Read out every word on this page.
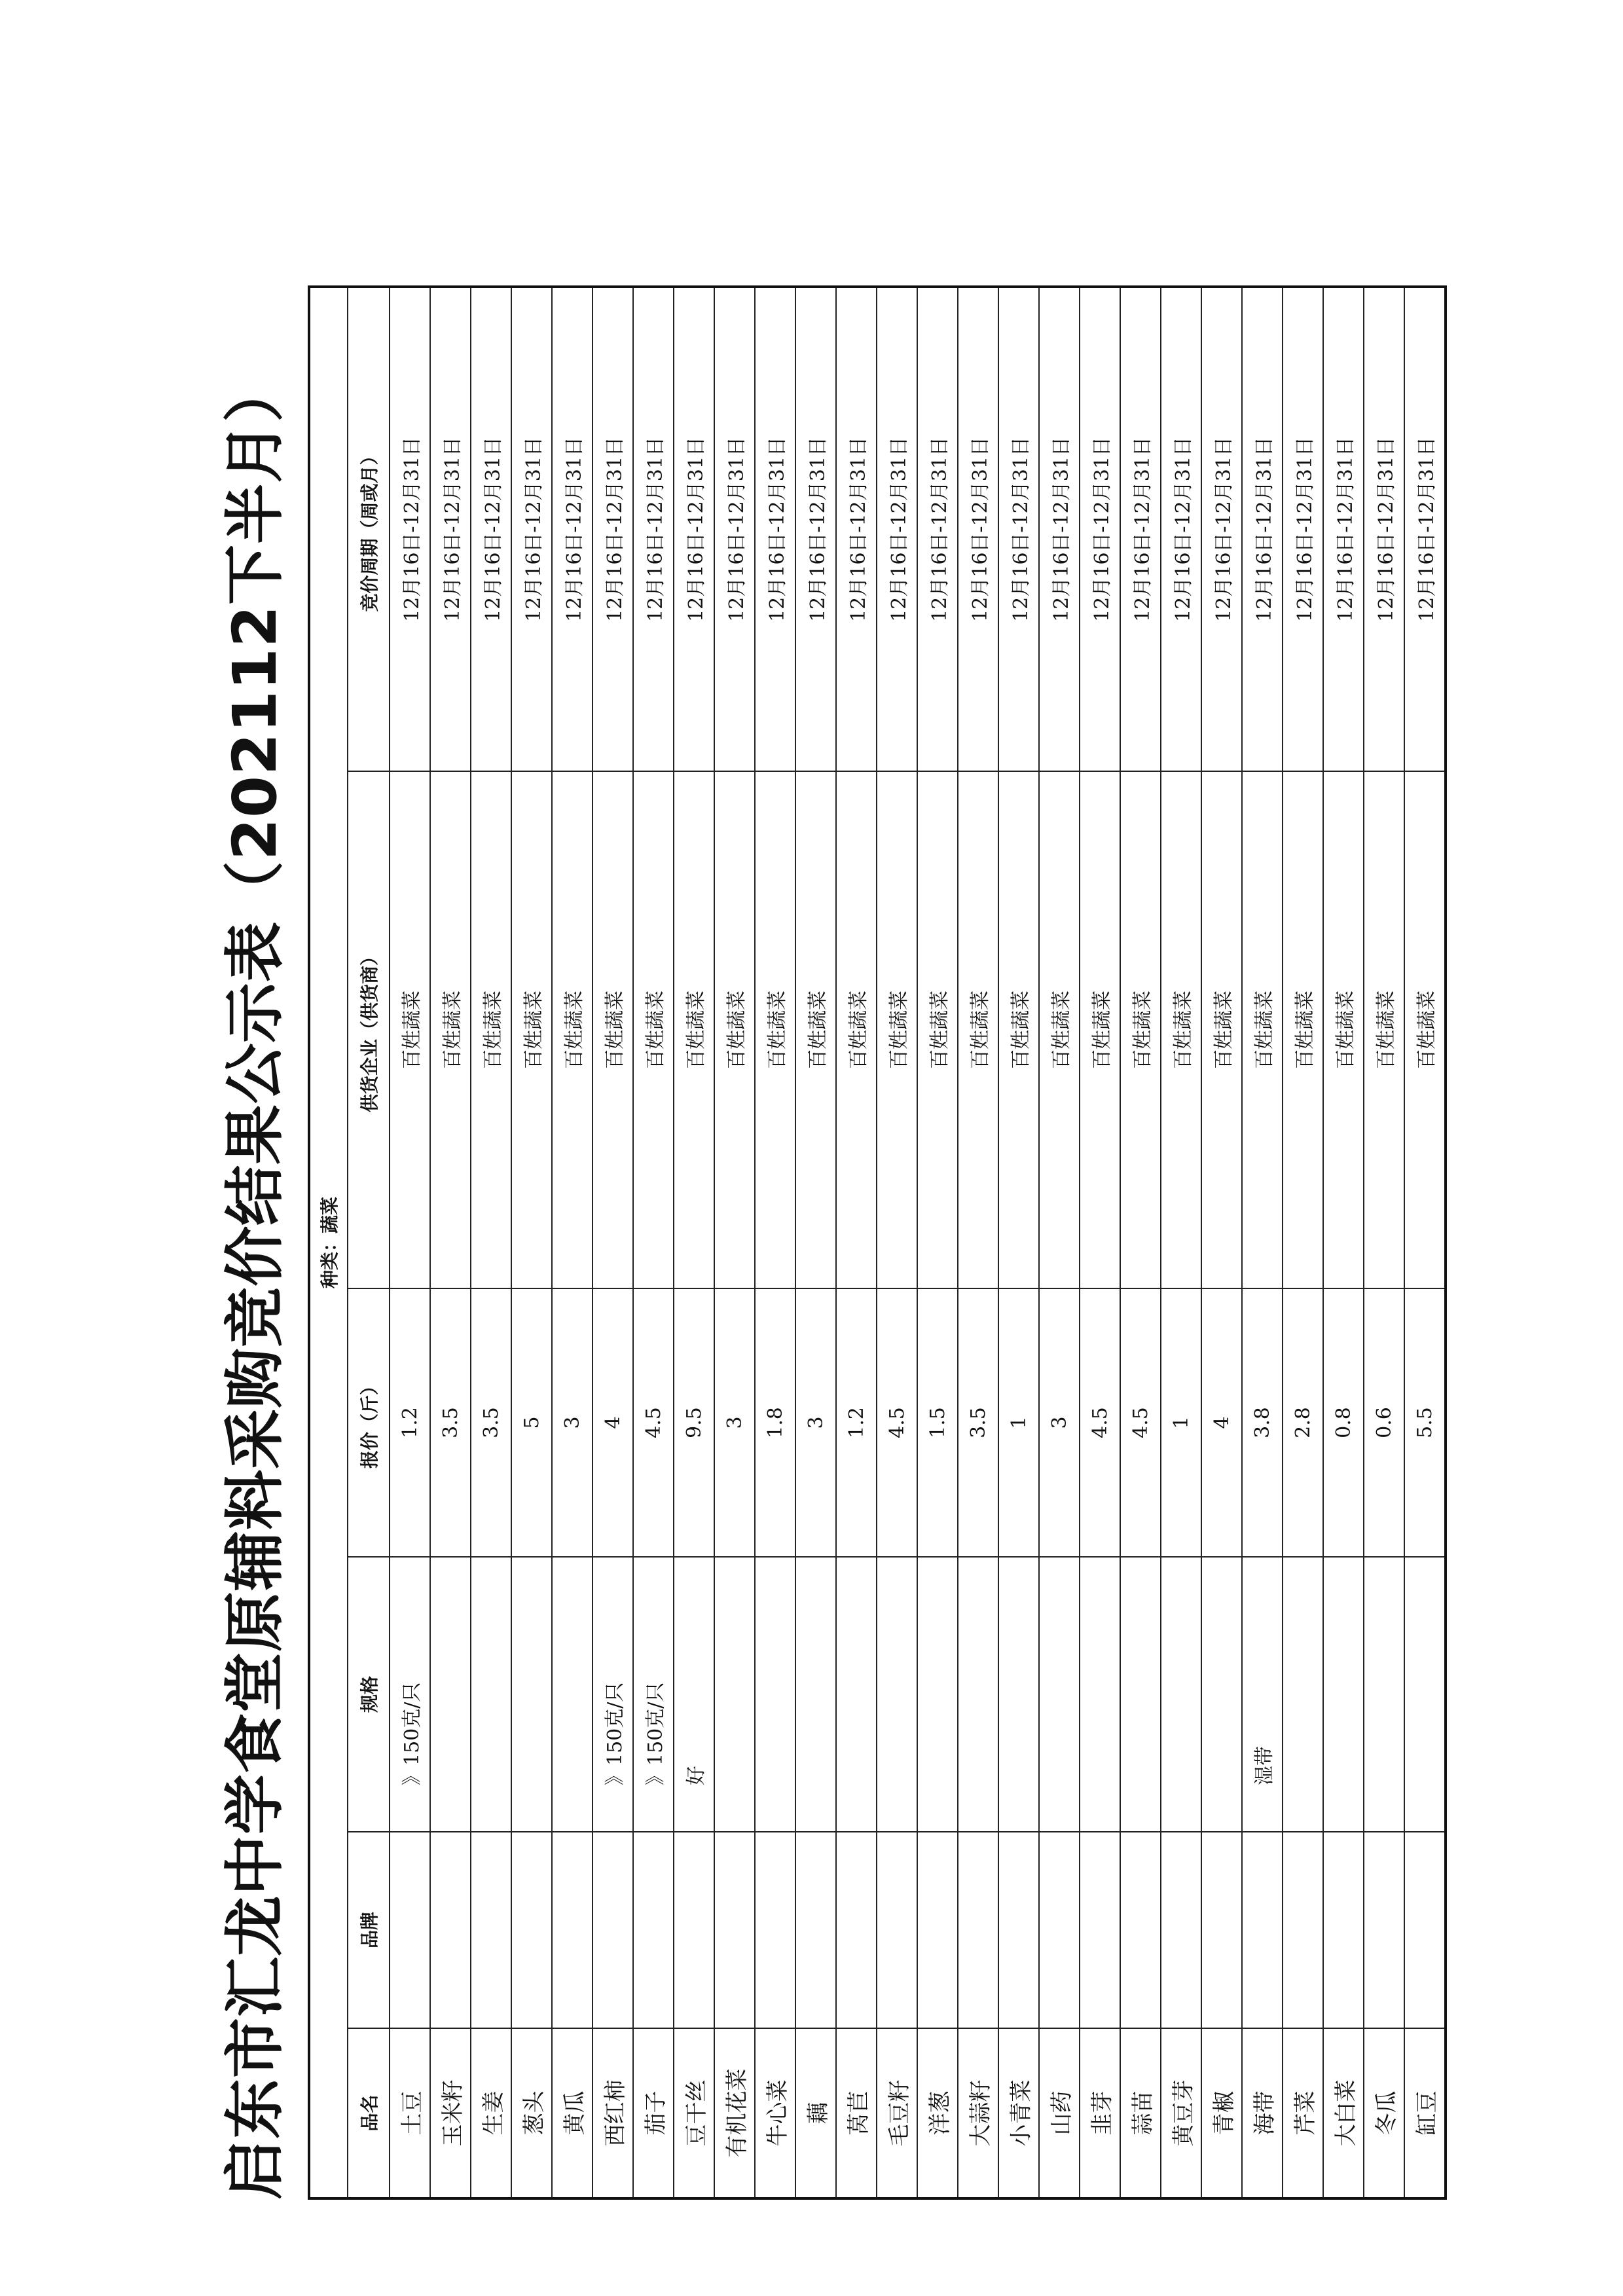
启东市汇龙中学食堂原辅料采购竞价结果公示表（202112下半月）	种类：蔬菜					
品名	品牌	规格	报价（斤）	供货企业（供货商）	竞价周期（周或月）
土豆		》150克/只	1.2	百姓蔬菜	12月16日-12月31日
玉米籽			3.5	百姓蔬菜	12月16日-12月31日
生姜			3.5	百姓蔬菜	12月16日-12月31日
葱头			5	百姓蔬菜	12月16日-12月31日
黄瓜			3	百姓蔬菜	12月16日-12月31日
西红柿		》150克/只	4	百姓蔬菜	12月16日-12月31日
茄子		》150克/只	4.5	百姓蔬菜	12月16日-12月31日
豆干丝		好	9.5	百姓蔬菜	12月16日-12月31日
有机花菜			3	百姓蔬菜	12月16日-12月31日
牛心菜			1.8	百姓蔬菜	12月16日-12月31日
藕			3	百姓蔬菜	12月16日-12月31日
莴苣			1.2	百姓蔬菜	12月16日-12月31日
毛豆籽			4.5	百姓蔬菜	12月16日-12月31日
洋葱			1.5	百姓蔬菜	12月16日-12月31日
大蒜籽			3.5	百姓蔬菜	12月16日-12月31日
小青菜			1	百姓蔬菜	12月16日-12月31日
山药			3	百姓蔬菜	12月16日-12月31日
韭芽			4.5	百姓蔬菜	12月16日-12月31日
蒜苗			4.5	百姓蔬菜	12月16日-12月31日
黄豆芽			1	百姓蔬菜	12月16日-12月31日
青椒			4	百姓蔬菜	12月16日-12月31日
海带		湿带	3.8	百姓蔬菜	12月16日-12月31日
芹菜			2.8	百姓蔬菜	12月16日-12月31日
大白菜			0.8	百姓蔬菜	12月16日-12月31日
冬瓜			0.6	百姓蔬菜	12月16日-12月31日
缸豆			5.5	百姓蔬菜	12月16日-12月31日
